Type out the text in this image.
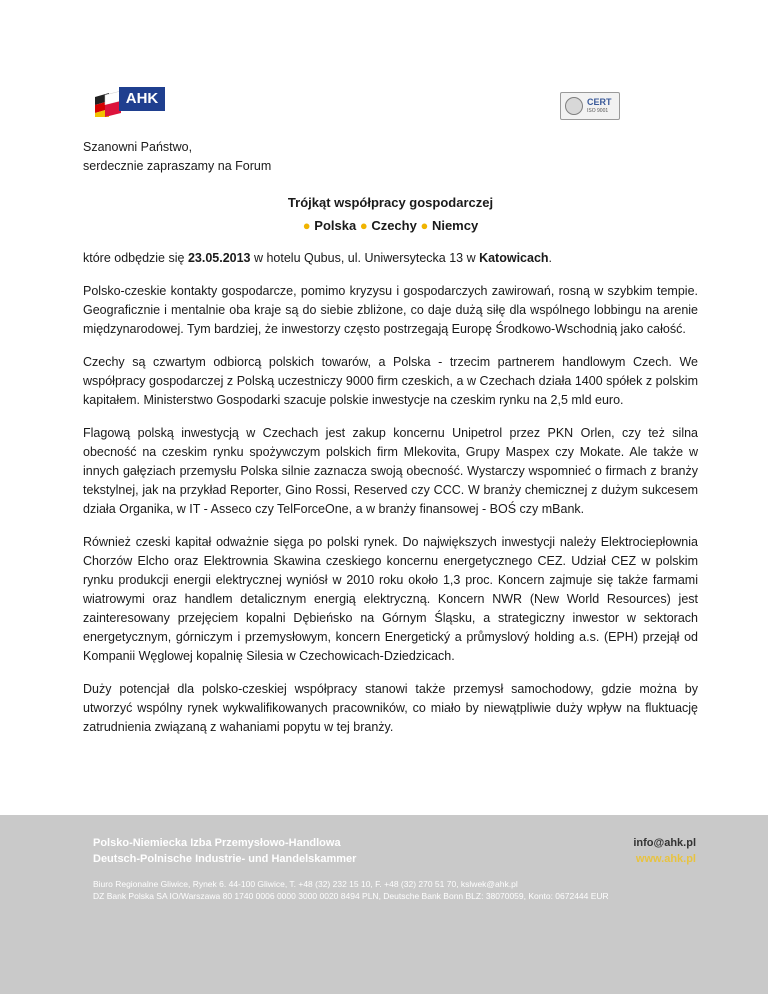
AHK	CERT
ISO 9001

Szanowni Państwo,

serdecznie zapraszamy na Forum

Trójkąt współpracy gospodarczej

● Polska ● Czechy ● Niemcy

które odbędzie się 23.05.2013 w hotelu Qubus, ul. Uniwersytecka 13 w Katowicach.

Polsko-czeskie kontakty gospodarcze, pomimo kryzysu i gospodarczych zawirowań, rosną w szybkim tempie. Geograficznie i mentalnie oba kraje są do siebie zbliżone, co daje dużą siłę dla wspólnego lobbingu na arenie międzynarodowej. Tym bardziej, że inwestorzy często postrzegają Europę Środkowo-Wschodnią jako całość.

Czechy są czwartym odbiorcą polskich towarów, a Polska - trzecim partnerem handlowym Czech. We współpracy gospodarczej z Polską uczestniczy 9000 firm czeskich, a w Czechach działa 1400 spółek z polskim kapitałem. Ministerstwo Gospodarki szacuje polskie inwestycje na czeskim rynku na 2,5 mld euro.

Flagową polską inwestycją w Czechach jest zakup koncernu Unipetrol przez PKN Orlen, czy też silna obecność na czeskim rynku spożywczym polskich firm Mlekovita, Grupy Maspex czy Mokate. Ale także w innych gałęziach przemysłu Polska silnie zaznacza swoją obecność. Wystarczy wspomnieć o firmach z branży tekstylnej, jak na przykład Reporter, Gino Rossi, Reserved czy CCC. W branży chemicznej z dużym sukcesem działa Organika, w IT - Asseco czy TelForceOne, a w branży finansowej - BOŚ czy mBank.

Również czeski kapitał odważnie sięga po polski rynek. Do największych inwestycji należy Elektrociepłownia Chorzów Elcho oraz Elektrownia Skawina czeskiego koncernu energetycznego CEZ. Udział CEZ w polskim rynku produkcji energii elektrycznej wyniósł w 2010 roku około 1,3 proc. Koncern zajmuje się także farmami wiatrowymi oraz handlem detalicznym energią elektryczną. Koncern NWR (New World Resources) jest zainteresowany przejęciem kopalni Dębieńsko na Górnym Śląsku, a strategiczny inwestor w sektorach energetycznym, górniczym i przemysłowym, koncern Energetický a průmyslový holding a.s. (EPH) przejął od Kompanii Węglowej kopalnię Silesia w Czechowicach-Dziedzicach.

Duży potencjał dla polsko-czeskiej współpracy stanowi także przemysł samochodowy, gdzie można by utworzyć wspólny rynek wykwalifikowanych pracowników, co miało by niewątpliwie duży wpływ na fluktuację zatrudnienia związaną z wahaniami popytu w tej branży.

Polsko-Niemiecka Izba Przemysłowo-Handlowa
Deutsch-Polnische Industrie- und Handelskammer
info@ahk.pl
www.ahk.pl
Biuro Regionalne Gliwice, Rynek 6. 44-100 Gliwice, T. +48 (32) 232 15 10, F. +48 (32) 270 51 70, kslwek@ahk.pl
DZ Bank Polska SA IO/Warszawa 80 1740 0006 0000 3000 0020 8494 PLN, Deutsche Bank Bonn BLZ: 38070059, Konto: 0672444 EUR
